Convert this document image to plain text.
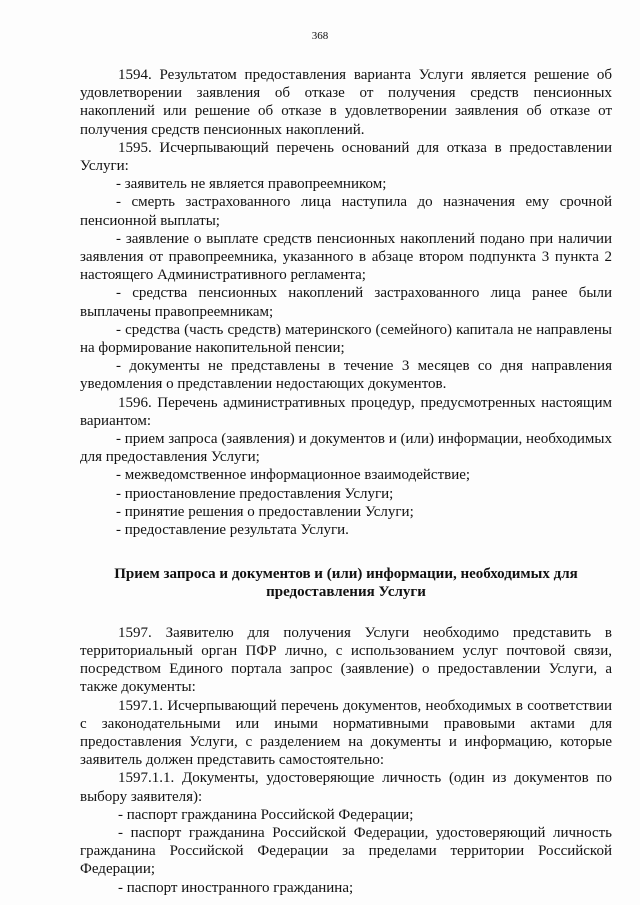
368

1594. Результатом предоставления варианта Услуги является решение об удовлетворении заявления об отказе от получения средств пенсионных накоплений или решение об отказе в удовлетворении заявления об отказе от получения средств пенсионных накоплений.

1595. Исчерпывающий перечень оснований для отказа в предоставлении Услуги:

- заявитель не является правопреемником;

- смерть застрахованного лица наступила до назначения ему срочной пенсионной выплаты;

- заявление о выплате средств пенсионных накоплений подано при наличии заявления от правопреемника, указанного в абзаце втором подпункта 3 пункта 2 настоящего Административного регламента;

- средства пенсионных накоплений застрахованного лица ранее были выплачены правопреемникам;

- средства (часть средств) материнского (семейного) капитала не направлены на формирование накопительной пенсии;

- документы не представлены в течение 3 месяцев со дня направления уведомления о представлении недостающих документов.

1596. Перечень административных процедур, предусмотренных настоящим вариантом:

- прием запроса (заявления) и документов и (или) информации, необходимых для предоставления Услуги;

- межведомственное информационное взаимодействие;

- приостановление предоставления Услуги;

- принятие решения о предоставлении Услуги;

- предоставление результата Услуги.

Прием запроса и документов и (или) информации, необходимых для предоставления Услуги

1597. Заявителю для получения Услуги необходимо представить в территориальный орган ПФР лично, с использованием услуг почтовой связи, посредством Единого портала запрос (заявление) о предоставлении Услуги, а также документы:

1597.1. Исчерпывающий перечень документов, необходимых в соответствии с законодательными или иными нормативными правовыми актами для предоставления Услуги, с разделением на документы и информацию, которые заявитель должен представить самостоятельно:

1597.1.1. Документы, удостоверяющие личность (один из документов по выбору заявителя):

- паспорт гражданина Российской Федерации;

- паспорт гражданина Российской Федерации, удостоверяющий личность гражданина Российской Федерации за пределами территории Российской Федерации;

- паспорт иностранного гражданина;
